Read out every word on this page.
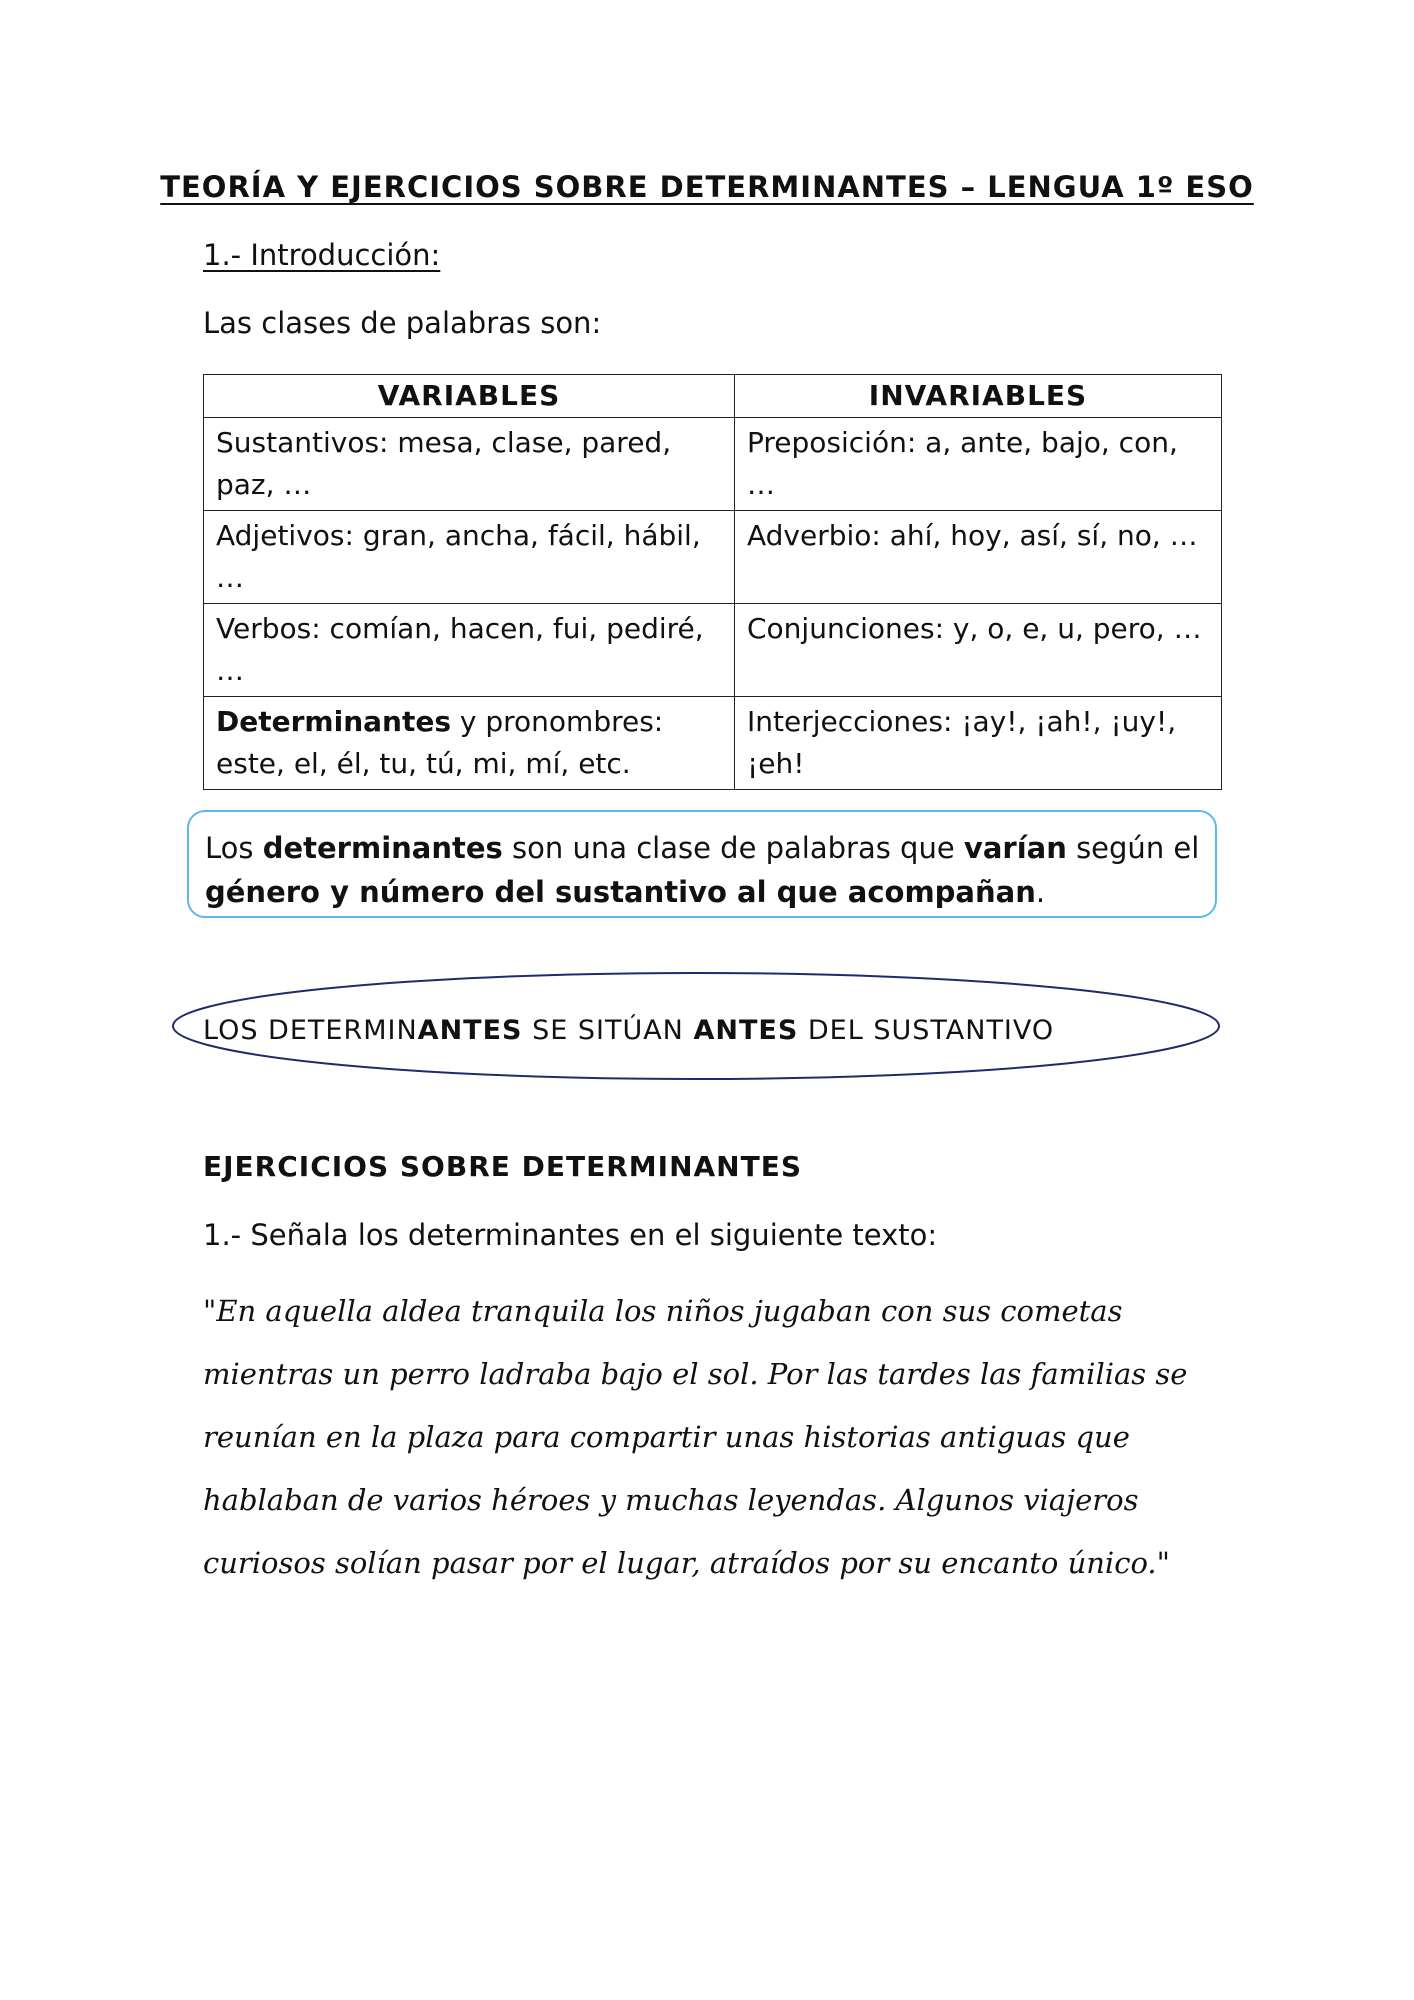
TEORÍA Y EJERCICIOS SOBRE DETERMINANTES – LENGUA 1º ESO
1.- Introducción:
Las clases de palabras son:
VARIABLES	INVARIABLES
Sustantivos: mesa, clase, pared, paz, …	Preposición: a, ante, bajo, con, …
Adjetivos: gran, ancha, fácil, hábil, …	Adverbio: ahí, hoy, así, sí, no, …
Verbos: comían, hacen, fui, pediré, …	Conjunciones: y, o, e, u, pero, …
Determinantes y pronombres: este, el, él, tu, tú, mi, mí, etc.	Interjecciones: ¡ay!, ¡ah!, ¡uy!, ¡eh!
Los determinantes son una clase de palabras que varían según el género y número del sustantivo al que acompañan.
LOS DETERMINANTES SE SITÚAN ANTES DEL SUSTANTIVO
EJERCICIOS SOBRE DETERMINANTES
1.- Señala los determinantes en el siguiente texto:
"En aquella aldea tranquila los niños jugaban con sus cometas mientras un perro ladraba bajo el sol. Por las tardes las familias se reunían en la plaza para compartir unas historias antiguas que hablaban de varios héroes y muchas leyendas. Algunos viajeros curiosos solían pasar por el lugar, atraídos por su encanto único."
